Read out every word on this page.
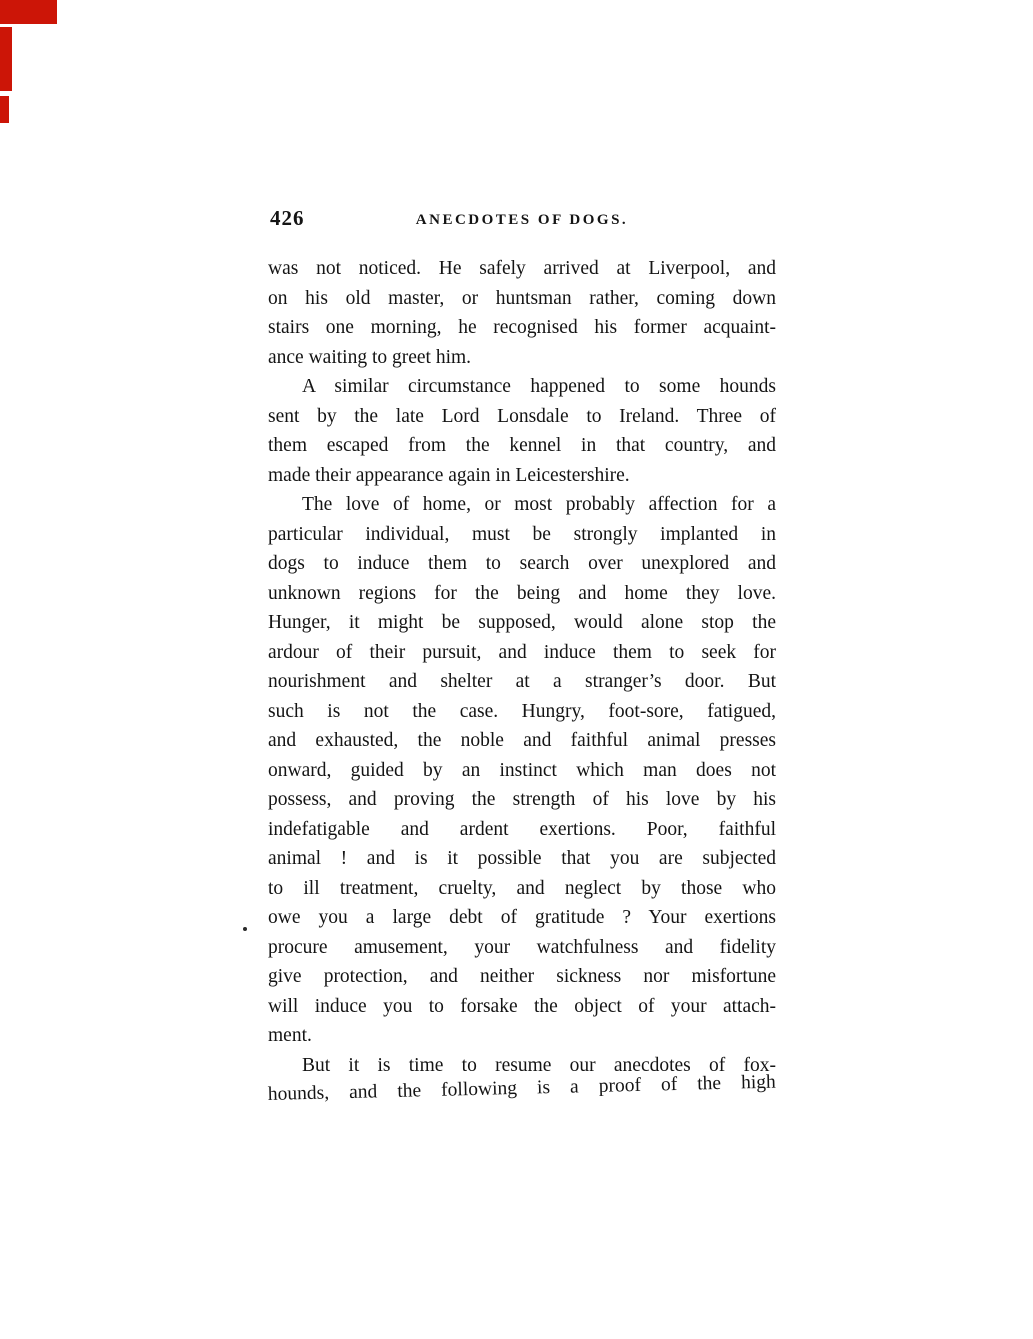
426	ANECDOTES OF DOGS.
was not noticed. He safely arrived at Liverpool, and
on his old master, or huntsman rather, coming down
stairs one morning, he recognised his former acquaint-
ance waiting to greet him.
A similar circumstance happened to some hounds
sent by the late Lord Lonsdale to Ireland. Three of
them escaped from the kennel in that country, and
made their appearance again in Leicestershire.
The love of home, or most probably affection for a
particular individual, must be strongly implanted in
dogs to induce them to search over unexplored and
unknown regions for the being and home they love.
Hunger, it might be supposed, would alone stop the
ardour of their pursuit, and induce them to seek for
nourishment and shelter at a stranger’s door. But
such is not the case. Hungry, foot-sore, fatigued,
and exhausted, the noble and faithful animal presses
onward, guided by an instinct which man does not
possess, and proving the strength of his love by his
indefatigable and ardent exertions. Poor, faithful
animal ! and is it possible that you are subjected
to ill treatment, cruelty, and neglect by those who
owe you a large debt of gratitude ? Your exertions
procure amusement, your watchfulness and fidelity
give protection, and neither sickness nor misfortune
will induce you to forsake the object of your attach-
ment.
But it is time to resume our anecdotes of fox-
hounds, and the following is a proof of the high
